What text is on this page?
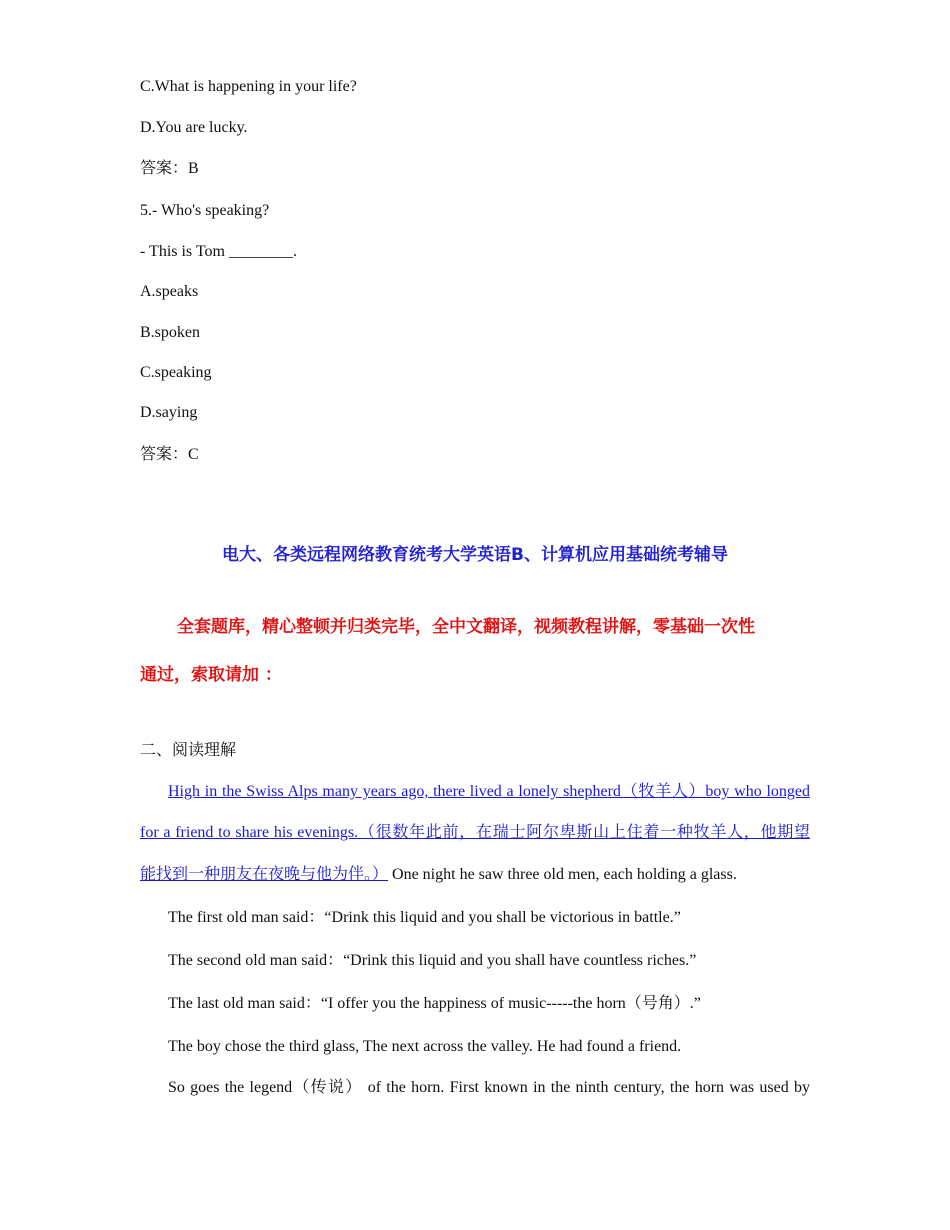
C.What is happening in your life?
D.You are lucky.
答案：B
5.- Who's speaking?
- This is Tom ________.
A.speaks
B.spoken
C.speaking
D.saying
答案：C
电大、各类远程网络教育统考大学英语B、计算机应用基础统考辅导
全套题库，精心整顿并归类完毕，全中文翻译，视频教程讲解，零基础一次性
通过，索取请加 ：
二、阅读理解
High in the Swiss Alps many years ago, there lived a lonely shepherd（牧羊人）boy who longed
for a friend to share his evenings.（很数年此前，在瑞士阿尔卑斯山上住着一种牧羊人，他期望
能找到一种朋友在夜晚与他为伴。） One night he saw three old men, each holding a glass.
The first old man said：“Drink this liquid and you shall be victorious in battle.”
The second old man said：“Drink this liquid and you shall have countless riches.”
The last old man said：“I offer you the happiness of music-----the horn（号角）.”
The boy chose the third glass, The next across the valley. He had found a friend.
So goes the legend（传说） of the horn. First known in the ninth century, the horn was used by
